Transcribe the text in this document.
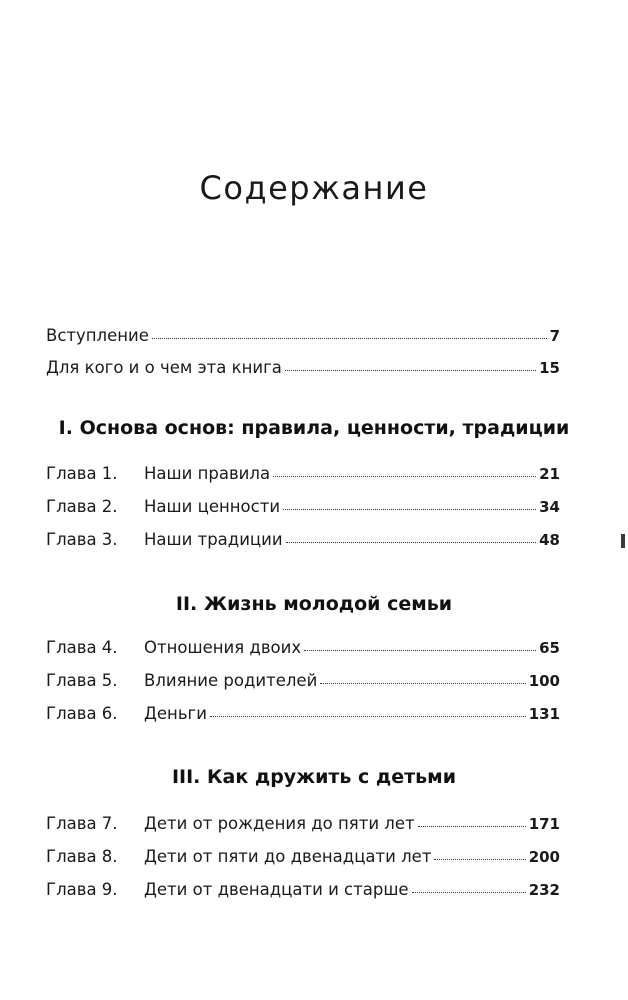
Содержание
Вступление	7
Для кого и о чем эта книга	15
I. Основа основ: правила, ценности, традиции
Глава 1.	Наши правила	21
Глава 2.	Наши ценности	34
Глава 3.	Наши традиции	48
II. Жизнь молодой семьи
Глава 4.	Отношения двоих	65
Глава 5.	Влияние родителей	100
Глава 6.	Деньги	131
III. Как дружить с детьми
Глава 7.	Дети от рождения до пяти лет	171
Глава 8.	Дети от пяти до двенадцати лет	200
Глава 9.	Дети от двенадцати и старше	232
